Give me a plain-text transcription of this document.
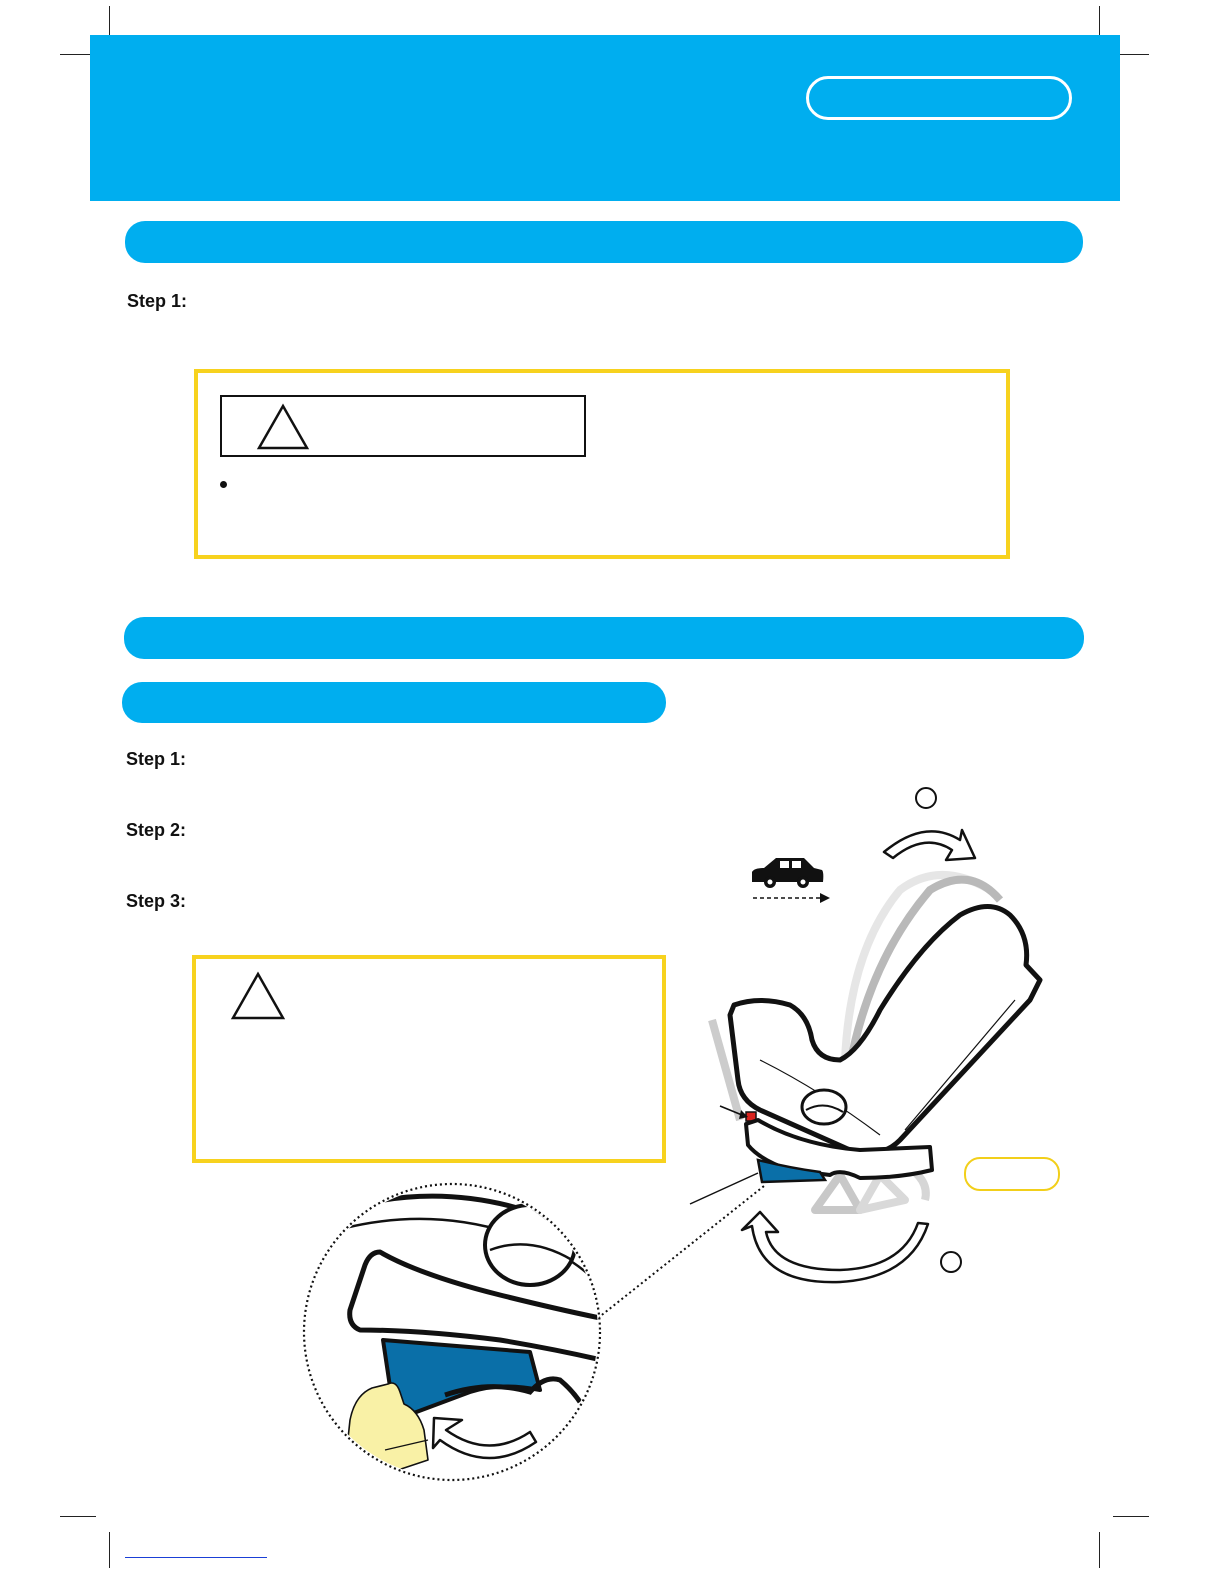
Step 1:
Step 1:
Step 2:
Step 3:
